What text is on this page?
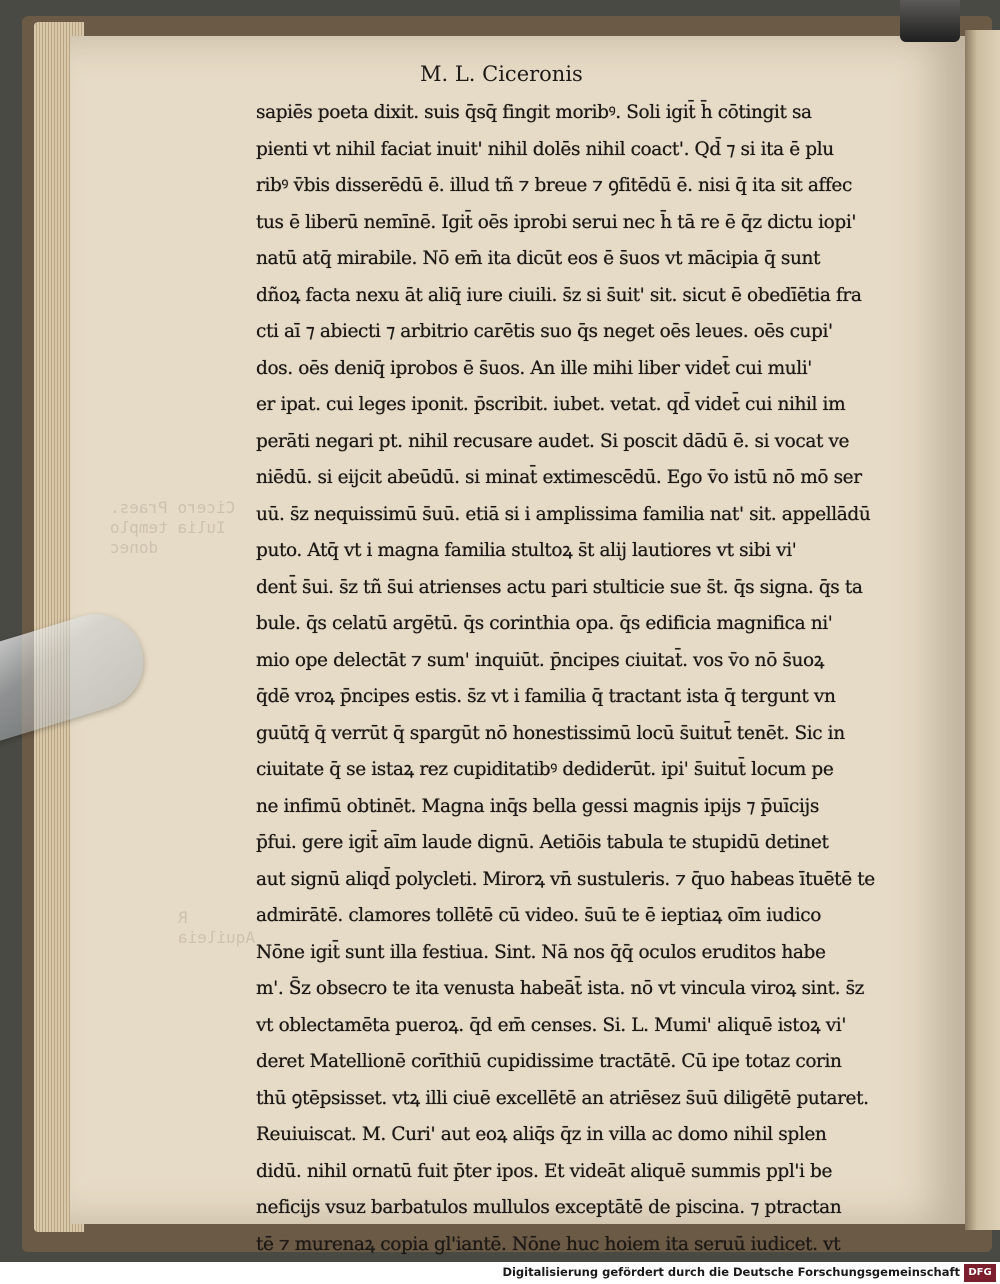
Cicero Praes. Iulia templo donec
R Aquileia
M. L. Ciceronis
sapiēs poeta dixit. suis q̄sq̄ fingit moribꝰ. Soli igit̄ h̄ cōtingit sa
pienti vt nihil faciat inuit' nihil dolēs nihil coact'. Qd̄ ⁊ si ita ē plu
ribꝰ v̄bis disserēdū ē. illud tñ ⁊ breue ⁊ ꝯfitēdū ē. nisi q̄ ita sit affec
tus ē liberū nemīnē. Igit̄ oēs iprobi serui nec h̄ tā re ē q̄z dictu iopi'
natū atq̄ mirabile. Nō em̄ ita dicūt eos ē s̄uos vt mācipia q̄ sunt
dñoꝝ facta nexu āt aliq̄ iure ciuili. s̄z si s̄uit' sit. sicut ē obedīētia fra
cti aī ⁊ abiecti ⁊ arbitrio carētis suo q̄s neget oēs leues. oēs cupi'
dos. oēs deniq̄ iprobos ē s̄uos. An ille mihi liber videt̄ cui muli'
er ipat. cui leges iponit. p̄scribit. iubet. vetat. qd̄ videt̄ cui nihil im
perāti negari pt. nihil recusare audet. Si poscit dādū ē. si vocat ve
niēdū. si eijcit abeūdū. si minat̄ extimescēdū. Ego v̄o istū nō mō ser
uū. s̄z nequissimū s̄uū. etiā si i amplissima familia nat' sit. appellādū
puto. Atq̄ vt i magna familia stultoꝝ s̄t alij lautiores vt sibi vi'
dent̄ s̄ui. s̄z tñ s̄ui atrienses actu pari stulticie sue s̄t. q̄s signa. q̄s ta
bule. q̄s celatū argētū. q̄s corinthia opa. q̄s edificia magnifica ni'
mio ope delectāt ⁊ sum' inquiūt. p̄ncipes ciuitat̄. vos v̄o nō s̄uoꝝ
q̄dē vroꝝ p̄ncipes estis. s̄z vt i familia q̄ tractant ista q̄ tergunt vn
guūtq̄ q̄ verrūt q̄ spargūt nō honestissimū locū s̄uitut̄ tenēt. Sic in
ciuitate q̄ se istaꝝ rez cupiditatibꝰ dediderūt. ipi' s̄uitut̄ locum pe
ne infimū obtinēt. Magna inq̄s bella gessi magnis ipijs ⁊ p̄uīcijs
p̄fui. gere igit̄ aīm laude dignū. Aetiōis tabula te stupidū detinet
aut signū aliqd̄ polycleti. Mirorꝝ vn̄ sustuleris. ⁊ q̄uo habeas ītuētē te
admirātē. clamores tollētē cū video. s̄uū te ē ieptiaꝝ oīm iudico
Nōne igit̄ sunt illa festiua. Sint. Nā nos q̄q̄ oculos eruditos habe
m'. S̄z obsecro te ita venusta habeāt̄ ista. nō vt vincula viroꝝ sint. s̄z
vt oblectamēta pueroꝝ. q̄d em̄ censes. Si. L. Mumi' aliquē istoꝝ vi'
deret Matellionē corīthiū cupidissime tractātē. Cū ipe totaz corin
thū ꝯtēpsisset. vtꝝ illi ciuē excellētē an atriēsez s̄uū diligētē putaret.
Reuiuiscat. M. Curi' aut eoꝝ aliq̄s q̄z in villa ac domo nihil splen
didū. nihil ornatū fuit p̄ter ipos. Et videāt aliquē summis ppl'i be
neficijs vsuz barbatulos mullulos exceptātē de piscina. ⁊ ptractan
tē ⁊ murenaꝝ copia gl'iantē. Nōne huc hoiem ita seruū iudicet. vt
Digitalisierung gefördert durch die Deutsche Forschungsgemeinschaft DFG
